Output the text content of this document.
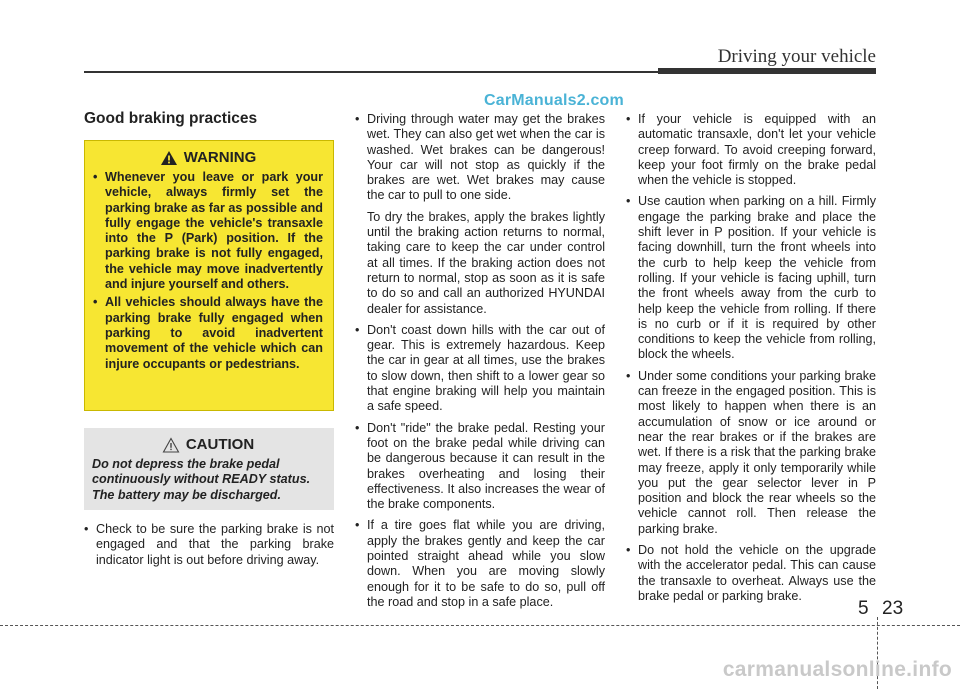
Driving your vehicle
CarManuals2.com
Good braking practices
WARNING
• Whenever you leave or park your vehicle, always firmly set the parking brake as far as possible and fully engage the vehicle's transaxle into the P (Park) position. If the parking brake is not fully engaged, the vehicle may move inadvertently and injure yourself and others.
• All vehicles should always have the parking brake fully engaged when parking to avoid inadvertent movement of the vehicle which can injure occupants or pedestrians.
CAUTION
Do not depress the brake pedal continuously without READY status. The battery may be discharged.
• Check to be sure the parking brake is not engaged and that the parking brake indicator light is out before driving away.
• Driving through water may get the brakes wet. They can also get wet when the car is washed. Wet brakes can be dangerous! Your car will not stop as quickly if the brakes are wet. Wet brakes may cause the car to pull to one side.
To dry the brakes, apply the brakes lightly until the braking action returns to normal, taking care to keep the car under control at all times. If the braking action does not return to normal, stop as soon as it is safe to do so and call an authorized HYUNDAI dealer for assistance.
• Don't coast down hills with the car out of gear. This is extremely hazardous. Keep the car in gear at all times, use the brakes to slow down, then shift to a lower gear so that engine braking will help you maintain a safe speed.
• Don't "ride" the brake pedal. Resting your foot on the brake pedal while driving can be dangerous because it can result in the brakes overheating and losing their effectiveness. It also increases the wear of the brake components.
• If a tire goes flat while you are driving, apply the brakes gently and keep the car pointed straight ahead while you slow down. When you are moving slowly enough for it to be safe to do so, pull off the road and stop in a safe place.
• If your vehicle is equipped with an automatic transaxle, don't let your vehicle creep forward. To avoid creeping forward, keep your foot firmly on the brake pedal when the vehicle is stopped.
• Use caution when parking on a hill. Firmly engage the parking brake and place the shift lever in P position. If your vehicle is facing downhill, turn the front wheels into the curb to help keep the vehicle from rolling. If your vehicle is facing uphill, turn the front wheels away from the curb to help keep the vehicle from rolling. If there is no curb or if it is required by other conditions to keep the vehicle from rolling, block the wheels.
• Under some conditions your parking brake can freeze in the engaged position. This is most likely to happen when there is an accumulation of snow or ice around or near the rear brakes or if the brakes are wet. If there is a risk that the parking brake may freeze, apply it only temporarily while you put the gear selector lever in P position and block the rear wheels so the vehicle cannot roll. Then release the parking brake.
• Do not hold the vehicle on the upgrade with the accelerator pedal. This can cause the transaxle to overheat. Always use the brake pedal or parking brake.
5 23
carmanualsonline.info
